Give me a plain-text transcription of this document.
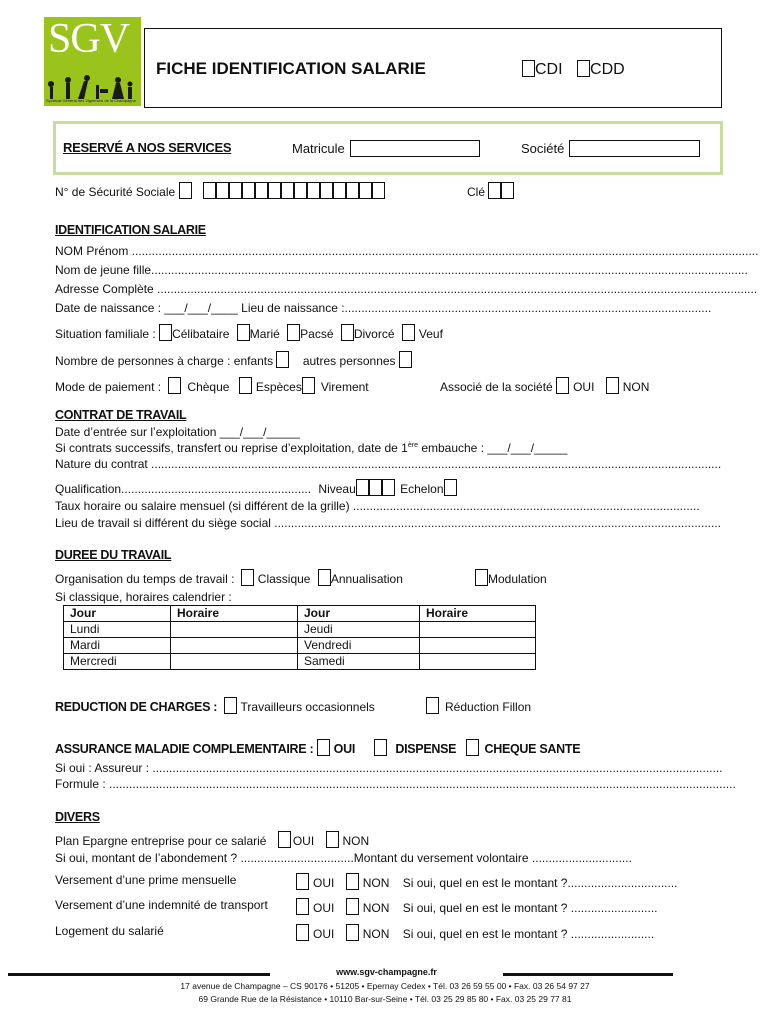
SGV
Syndicat Général des Vignerons de la Champagne
FICHE IDENTIFICATION SALARIE	CDI CDD
RESERVÉ A NOS SERVICES	Matricule	Société
N° de Sécurité Sociale	Clé
IDENTIFICATION SALARIE
NOM Prénom ............................................................................................................................................................................................
Nom de jeune fille...................................................................................................................................................................................
Adresse Complète ....................................................................................................................................................................................
Date de naissance : ___/___/____ Lieu de naissance :..............................................................................................................
Situation familiale : Célibataire Marié Pacsé Divorcé Veuf
Nombre de personnes à charge : enfants autres personnes
Mode de paiement : Chèque Espèces Virement	Associé de la société OUI NON
CONTRAT DE TRAVAIL
Date d’entrée sur l’exploitation ___/___/_____
Si contrats successifs, transfert ou reprise d’exploitation, date de 1ère embauche : ___/___/_____
Nature du contrat ...........................................................................................................................................................................
Qualification......................................................... Niveau	Echelon
Taux horaire ou salaire mensuel (si différent de la grille) ........................................................................................................
Lieu de travail si différent du siège social ......................................................................................................................................
DUREE DU TRAVAIL
Organisation du temps de travail : Classique Annualisation	Modulation
Si classique, horaires calendrier :
Jour	Horaire	Jour	Horaire
Lundi		Jeudi	
Mardi		Vendredi	
Mercredi		Samedi	
REDUCTION DE CHARGES : Travailleurs occasionnels	Réduction Fillon
ASSURANCE MALADIE COMPLEMENTAIRE : OUI	DISPENSE CHEQUE SANTE
Si oui : Assureur : ...........................................................................................................................................................................
Formule : ............................................................................................................................................................................................
DIVERS
Plan Epargne entreprise pour ce salarié OUI NON
Si oui, montant de l’abondement ? ..................................Montant du versement volontaire ..............................
Versement d’une prime mensuelle	OUI NON Si oui, quel en est le montant ?.................................
Versement d’une indemnité de transport	OUI NON Si oui, quel en est le montant ? ..........................
Logement du salarié	OUI NON Si oui, quel en est le montant ? .........................
www.sgv-champagne.fr
17 avenue de Champagne – CS 90176 • 51205 • Epernay Cedex • Tél. 03 26 59 55 00 • Fax. 03 26 54 97 27
69 Grande Rue de la Résistance • 10110 Bar-sur-Seine • Tél. 03 25 29 85 80 • Fax. 03 25 29 77 81
